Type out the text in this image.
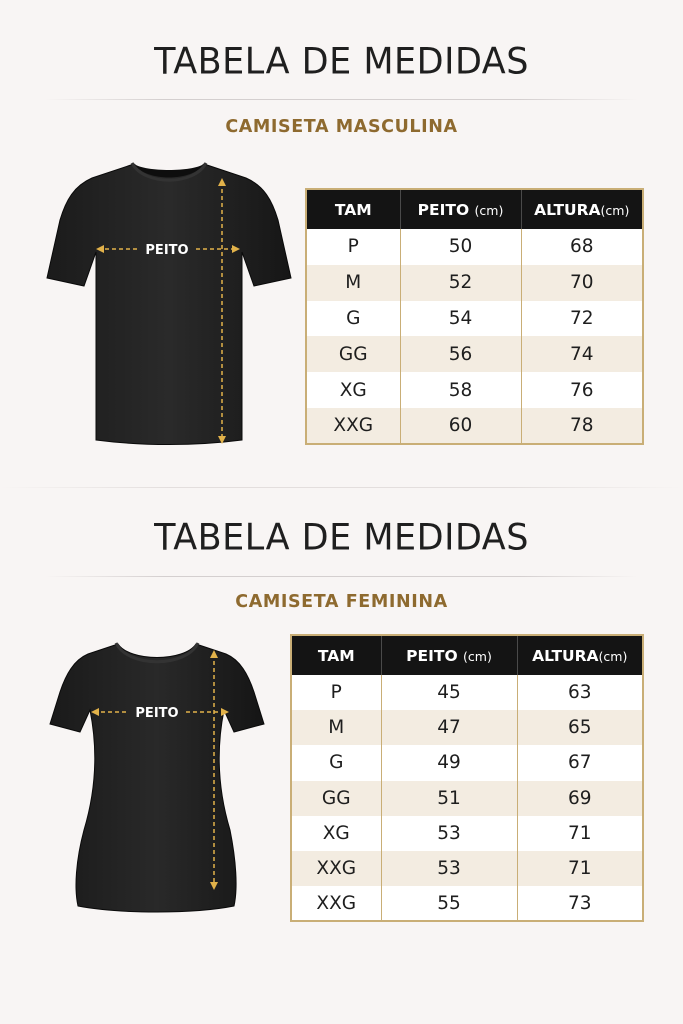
TABELA DE MEDIDAS
CAMISETA MASCULINA
PEITO
TAM	PEITO (cm)	ALTURA(cm)
P	50	68
M	52	70
G	54	72
GG	56	74
XG	58	76
XXG	60	78
TABELA DE MEDIDAS
CAMISETA FEMININA
PEITO
TAM	PEITO (cm)	ALTURA(cm)
P	45	63
M	47	65
G	49	67
GG	51	69
XG	53	71
XXG	53	71
XXG	55	73
